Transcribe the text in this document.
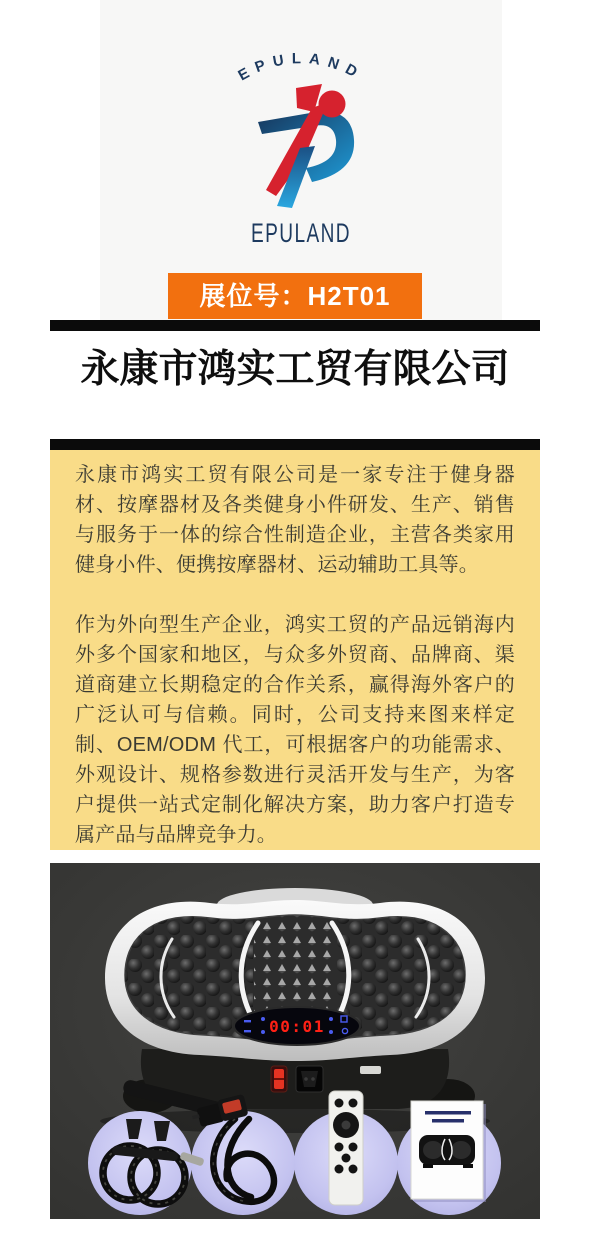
EPULAND
EPULAND
展位号：H2T01
永康市鸿实工贸有限公司

永康市鸿实工贸有限公司是一家专注于健身器材、按摩器材及各类健身小件研发、生产、销售与服务于一体的综合性制造企业，主营各类家用健身小件、便携按摩器材、运动辅助工具等。

作为外向型生产企业，鸿实工贸的产品远销海内外多个国家和地区，与众多外贸商、品牌商、渠道商建立长期稳定的合作关系，赢得海外客户的广泛认可与信赖。同时，公司支持来图来样定制、OEM/ODM 代工，可根据客户的功能需求、外观设计、规格参数进行灵活开发与生产，为客户提供一站式定制化解决方案，助力客户打造专属产品与品牌竞争力。

00:01
